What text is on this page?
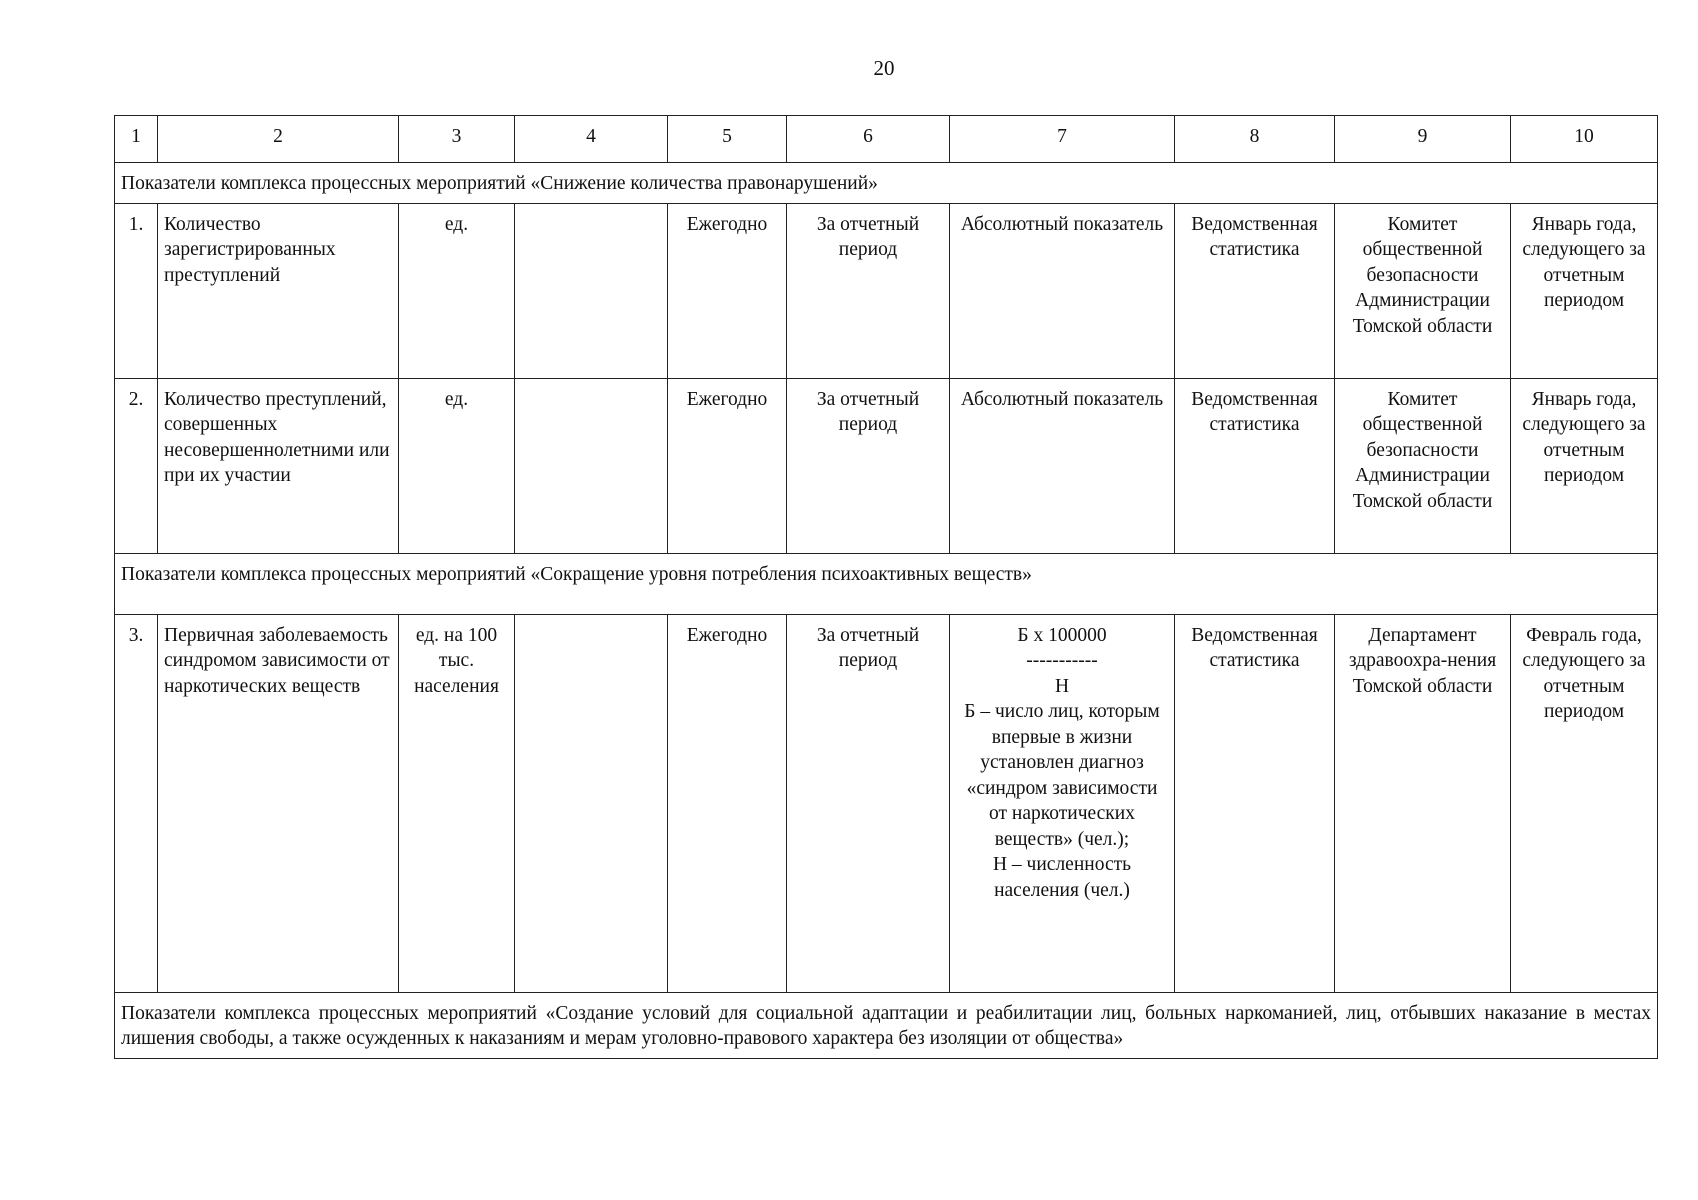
20
1	2	3	4	5	6	7	8	9	10
Показатели комплекса процессных мероприятий «Снижение количества правонарушений»									
1.	Количество зарегистрированных преступлений	ед.		Ежегодно	За отчетный период	Абсолютный показатель	Ведомственная статистика	Комитет общественной безопасности Администрации Томской области	Январь года, следующего за отчетным периодом
2.	Количество преступлений, совершенных несовершеннолетними или при их участии	ед.		Ежегодно	За отчетный период	Абсолютный показатель	Ведомственная статистика	Комитет общественной безопасности Администрации Томской области	Январь года, следующего за отчетным периодом
Показатели комплекса процессных мероприятий «Сокращение уровня потребления психоактивных веществ»									
3.	Первичная заболеваемость синдромом зависимости от наркотических веществ	ед. на 100 тыс. населения		Ежегодно	За отчетный период	Б х 100000
-----------
Н
Б – число лиц, которым впервые в жизни установлен диагноз «синдром зависимости от наркотических веществ» (чел.);
Н – численность населения (чел.)	Ведомственная статистика	Департамент здравоохра-нения Томской области	Февраль года, следующего за отчетным периодом
Показатели комплекса процессных мероприятий «Создание условий для социальной адаптации и реабилитации лиц, больных наркоманией, лиц, отбывших наказание в местах лишения свободы, а также осужденных к наказаниям и мерам уголовно-правового характера без изоляции от общества»									
